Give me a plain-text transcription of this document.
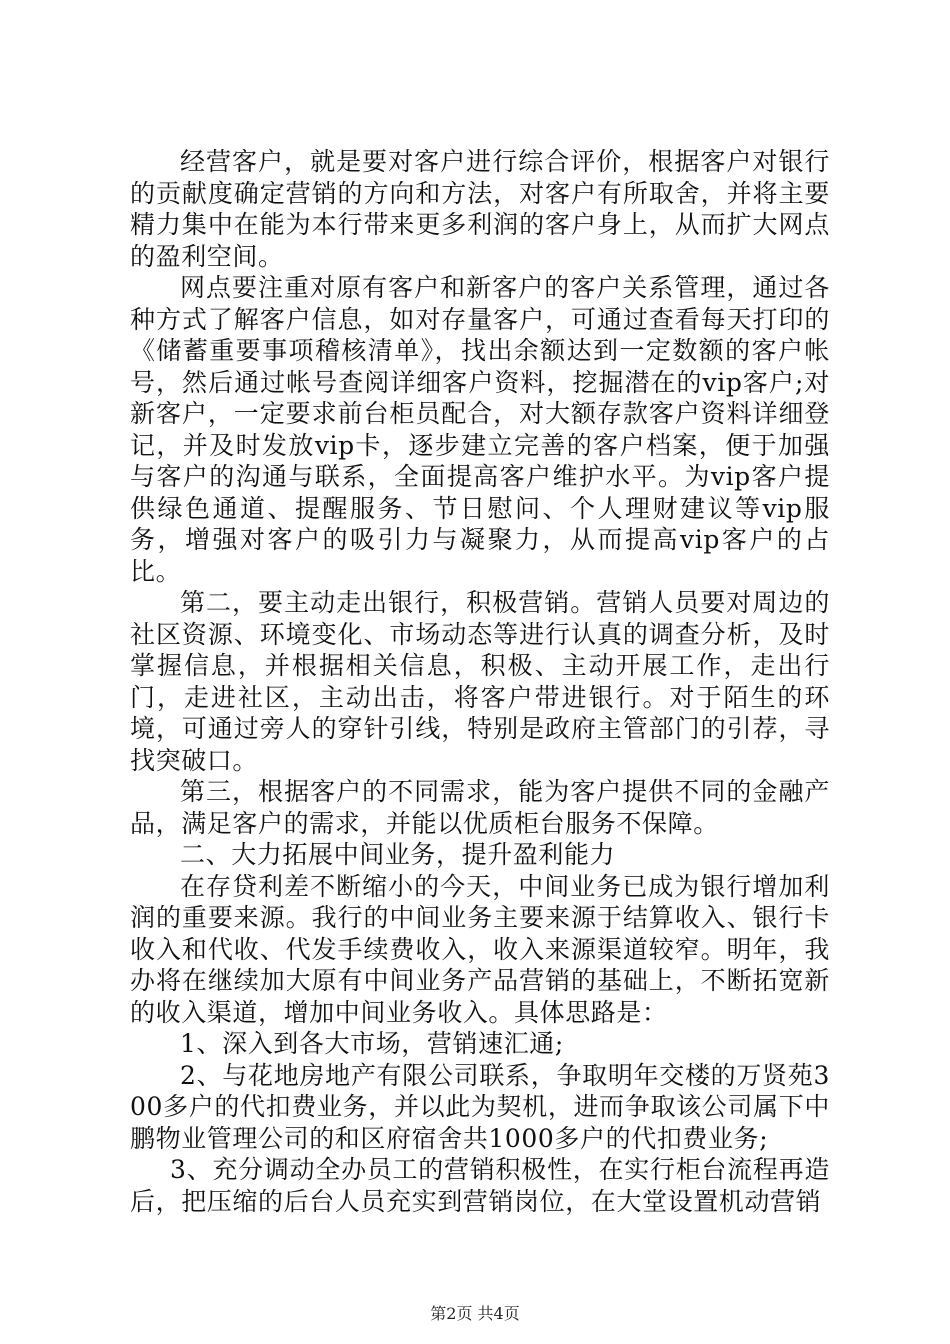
经营客户，就是要对客户进行综合评价，根据客户对银行的贡献度确定营销的方向和方法，对客户有所取舍，并将主要精力集中在能为本行带来更多利润的客户身上，从而扩大网点的盈利空间。

网点要注重对原有客户和新客户的客户关系管理，通过各种方式了解客户信息，如对存量客户，可通过查看每天打印的《储蓄重要事项稽核清单》，找出余额达到一定数额的客户帐号，然后通过帐号查阅详细客户资料，挖掘潜在的vip客户;对新客户，一定要求前台柜员配合，对大额存款客户资料详细登记，并及时发放vip卡，逐步建立完善的客户档案，便于加强与客户的沟通与联系，全面提高客户维护水平。为vip客户提供绿色通道、提醒服务、节日慰问、个人理财建议等vip服务，增强对客户的吸引力与凝聚力，从而提高vip客户的占比。

第二，要主动走出银行，积极营销。营销人员要对周边的社区资源、环境变化、市场动态等进行认真的调查分析，及时掌握信息，并根据相关信息，积极、主动开展工作，走出行门，走进社区，主动出击，将客户带进银行。对于陌生的环境，可通过旁人的穿针引线，特别是政府主管部门的引荐，寻找突破口。

第三，根据客户的不同需求，能为客户提供不同的金融产品，满足客户的需求，并能以优质柜台服务不保障。

二、大力拓展中间业务，提升盈利能力

在存贷利差不断缩小的今天，中间业务已成为银行增加利润的重要来源。我行的中间业务主要来源于结算收入、银行卡收入和代收、代发手续费收入，收入来源渠道较窄。明年，我办将在继续加大原有中间业务产品营销的基础上，不断拓宽新的收入渠道，增加中间业务收入。具体思路是：

1、深入到各大市场，营销速汇通;

2、与花地房地产有限公司联系，争取明年交楼的万贤苑300多户的代扣费业务，并以此为契机，进而争取该公司属下中鹏物业管理公司的和区府宿舍共1000多户的代扣费业务;

3、充分调动全办员工的营销积极性，在实行柜台流程再造后，把压缩的后台人员充实到营销岗位，在大堂设置机动营销

第2页 共4页
